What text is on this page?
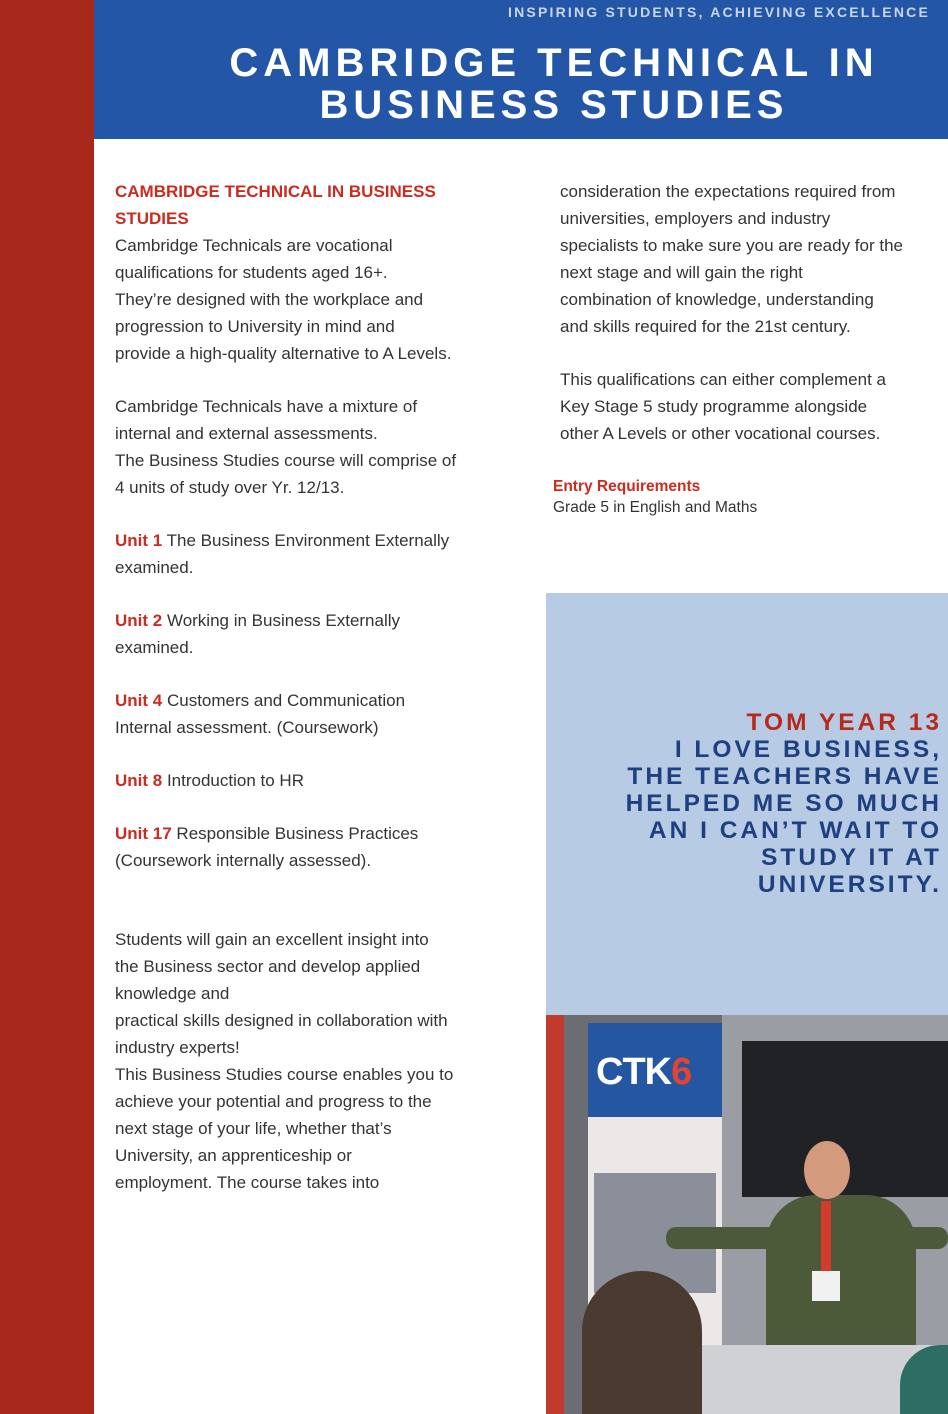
INSPIRING STUDENTS, ACHIEVING EXCELLENCE
CAMBRIDGE TECHNICAL IN
BUSINESS STUDIES

CAMBRIDGE TECHNICAL IN BUSINESS
STUDIES

Cambridge Technicals are vocational
qualifications for students aged 16+.
They’re designed with the workplace and
progression to University in mind and
provide a high-quality alternative to A Levels.

Cambridge Technicals have a mixture of
internal and external assessments.
The Business Studies course will comprise of
4 units of study over Yr. 12/13.

Unit 1 The Business Environment Externally
examined.

Unit 2 Working in Business Externally
examined.

Unit 4 Customers and Communication
Internal assessment. (Coursework)

Unit 8 Introduction to HR

Unit 17 Responsible Business Practices
(Coursework internally assessed).

Students will gain an excellent insight into
the Business sector and develop applied
knowledge and
practical skills designed in collaboration with
industry experts!
This Business Studies course enables you to
achieve your potential and progress to the
next stage of your life, whether that’s
University, an apprenticeship or
employment. The course takes into

consideration the expectations required from
universities, employers and industry
specialists to make sure you are ready for the
next stage and will gain the right
combination of knowledge, understanding
and skills required for the 21st century.

This qualifications can either complement a
Key Stage 5 study programme alongside
other A Levels or other vocational courses.

Entry Requirements
Grade 5 in English and Maths
TOM YEAR 13
I LOVE BUSINESS,
THE TEACHERS HAVE
HELPED ME SO MUCH
AN I CAN’T WAIT TO
STUDY IT AT
UNIVERSITY.
CTK6
